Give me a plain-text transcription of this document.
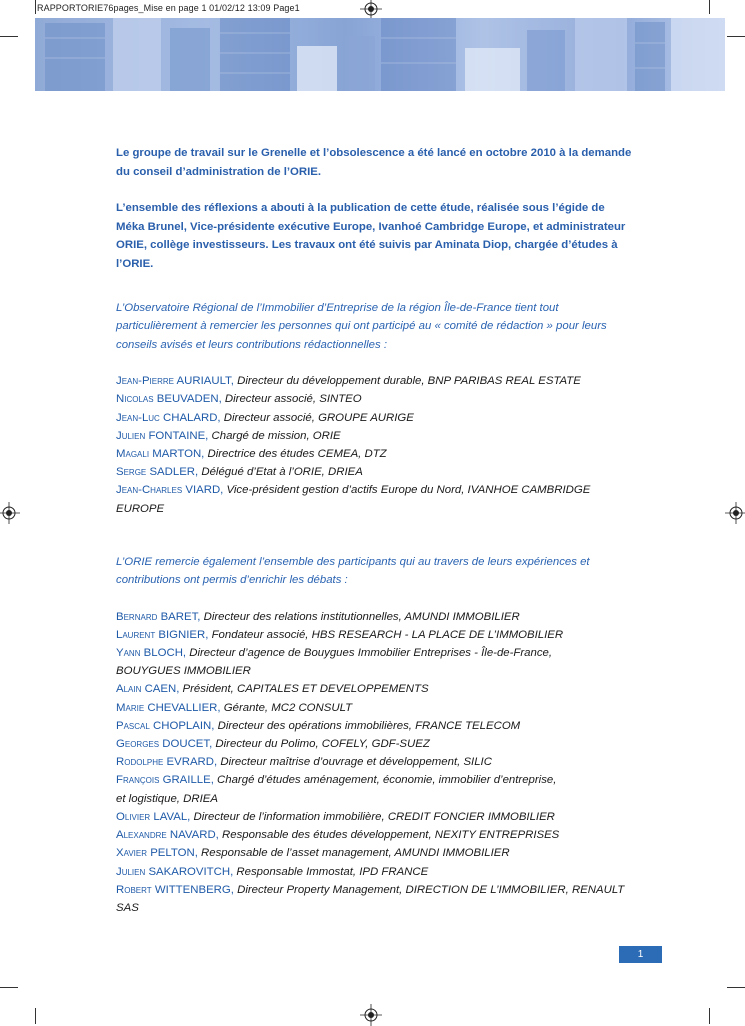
RAPPORTORIE76pages_Mise en page 1 01/02/12 13:09 Page1

Le groupe de travail sur le Grenelle et l’obsolescence a été lancé en octobre 2010 à la demande du conseil d’administration de l’ORIE.

L’ensemble des réflexions a abouti à la publication de cette étude, réalisée sous l’égide de Méka Brunel, Vice-présidente exécutive Europe, Ivanhoé Cambridge Europe, et administrateur ORIE, collège investisseurs. Les travaux ont été suivis par Aminata Diop, chargée d’études à l’ORIE.

L’Observatoire Régional de l’Immobilier d’Entreprise de la région Île-de-France tient tout particulièrement à remercier les personnes qui ont participé au « comité de rédaction » pour leurs conseils avisés et leurs contributions rédactionnelles :

Jean-Pierre AURIAULT, Directeur du développement durable, BNP PARIBAS REAL ESTATE
Nicolas BEUVADEN, Directeur associé, SINTEO
Jean-Luc CHALARD, Directeur associé, GROUPE AURIGE
Julien FONTAINE, Chargé de mission, ORIE
Magali MARTON, Directrice des études CEMEA, DTZ
Serge SADLER, Délégué d’Etat à l’ORIE, DRIEA
Jean-Charles VIARD, Vice-président gestion d’actifs Europe du Nord, IVANHOE CAMBRIDGE EUROPE

L’ORIE remercie également l’ensemble des participants qui au travers de leurs expériences et contributions ont permis d’enrichir les débats :

Bernard BARET, Directeur des relations institutionnelles, AMUNDI IMMOBILIER
Laurent BIGNIER, Fondateur associé, HBS RESEARCH - LA PLACE DE L’IMMOBILIER
Yann BLOCH, Directeur d’agence de Bouygues Immobilier Entreprises - Île-de-France,
BOUYGUES IMMOBILIER
Alain CAEN, Président, CAPITALES ET DEVELOPPEMENTS
Marie CHEVALLIER, Gérante, MC2 CONSULT
Pascal CHOPLAIN, Directeur des opérations immobilières, FRANCE TELECOM
Georges DOUCET, Directeur du Polimo, COFELY, GDF-SUEZ
Rodolphe EVRARD, Directeur maîtrise d’ouvrage et développement, SILIC
François GRAILLE, Chargé d’études aménagement, économie, immobilier d’entreprise,
et logistique, DRIEA
Olivier LAVAL, Directeur de l’information immobilière, CREDIT FONCIER IMMOBILIER
Alexandre NAVARD, Responsable des études développement, NEXITY ENTREPRISES
Xavier PELTON, Responsable de l’asset management, AMUNDI IMMOBILIER
Julien SAKAROVITCH, Responsable Immostat, IPD FRANCE
Robert WITTENBERG, Directeur Property Management, DIRECTION DE L’IMMOBILIER, RENAULT SAS
1
